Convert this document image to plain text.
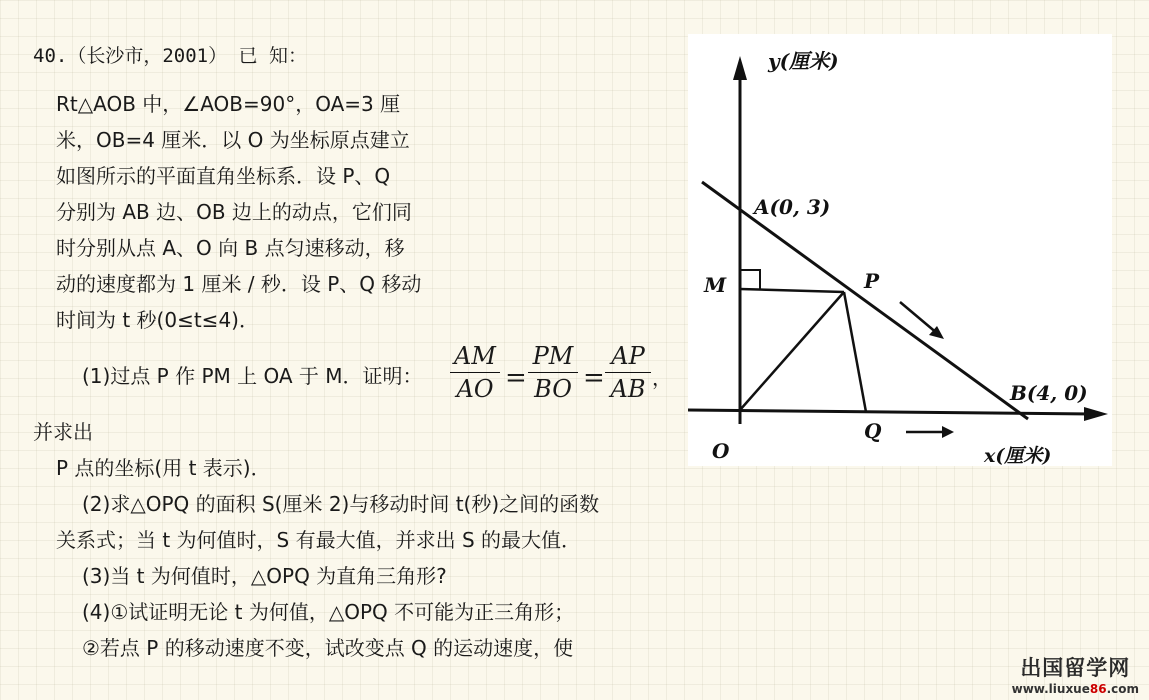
40.（长沙市，2001） 已 知：
Rt△AOB 中，∠AOB=90°，OA=3 厘
米，OB=4 厘米．以 O 为坐标原点建立
如图所示的平面直角坐标系．设 P、Q
分别为 AB 边、OB 边上的动点，它们同
时分别从点 A、O 向 B 点匀速移动，移
动的速度都为 1 厘米 / 秒．设 P、Q 移动
时间为 t 秒(0≤t≤4)．
(1)过点 P 作 PM 上 OA 于 M．证明：
AM
AO =
PM
BO =
AP
AB ，
并求出
P 点的坐标(用 t 表示)．
(2)求△OPQ 的面积 S(厘米 2)与移动时间 t(秒)之间的函数
关系式；当 t 为何值时，S 有最大值，并求出 S 的最大值．
(3)当 t 为何值时，△OPQ 为直角三角形?
(4)①试证明无论 t 为何值，△OPQ 不可能为正三角形；
②若点 P 的移动速度不变，试改变点 Q 的运动速度，使
y(厘米)
A(0, 3)
P
M
B(4, 0)
O
Q
x(厘米)
出国留学网
www.liuxue86.com
